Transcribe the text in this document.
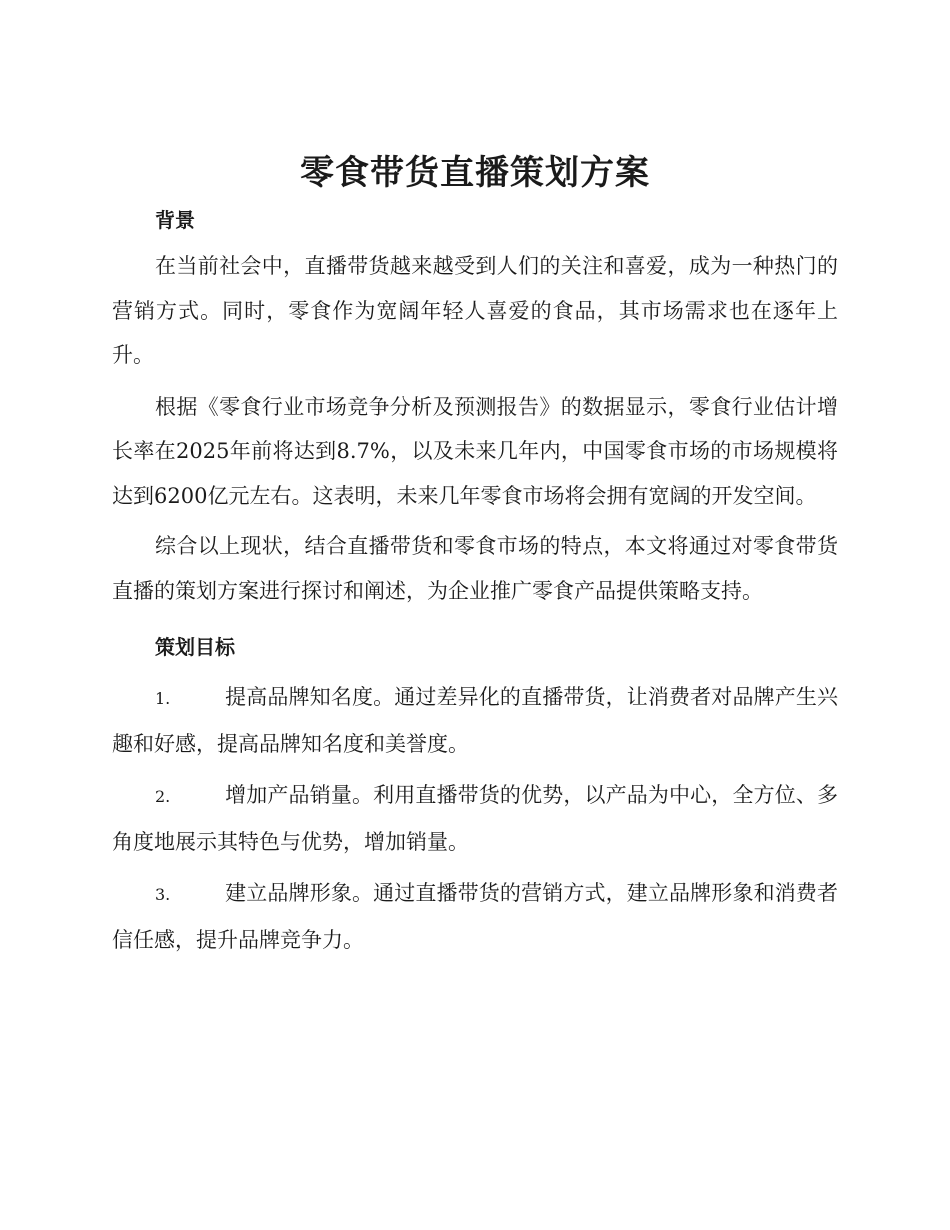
零食带货直播策划方案
背景

在当前社会中，直播带货越来越受到人们的关注和喜爱，成为一种热门的营销方式。同时，零食作为宽阔年轻人喜爱的食品，其市场需求也在逐年上升。

根据《零食行业市场竞争分析及预测报告》的数据显示，零食行业估计增长率在2025年前将达到8.7%，以及未来几年内，中国零食市场的市场规模将达到6200亿元左右。这表明，未来几年零食市场将会拥有宽阔的开发空间。

综合以上现状，结合直播带货和零食市场的特点，本文将通过对零食带货直播的策划方案进行探讨和阐述，为企业推广零食产品提供策略支持。

策划目标

1.	提高品牌知名度。通过差异化的直播带货，让消费者对品牌产生兴趣和好感，提高品牌知名度和美誉度。

2.	增加产品销量。利用直播带货的优势，以产品为中心，全方位、多角度地展示其特色与优势，增加销量。

3.	建立品牌形象。通过直播带货的营销方式，建立品牌形象和消费者信任感，提升品牌竞争力。
